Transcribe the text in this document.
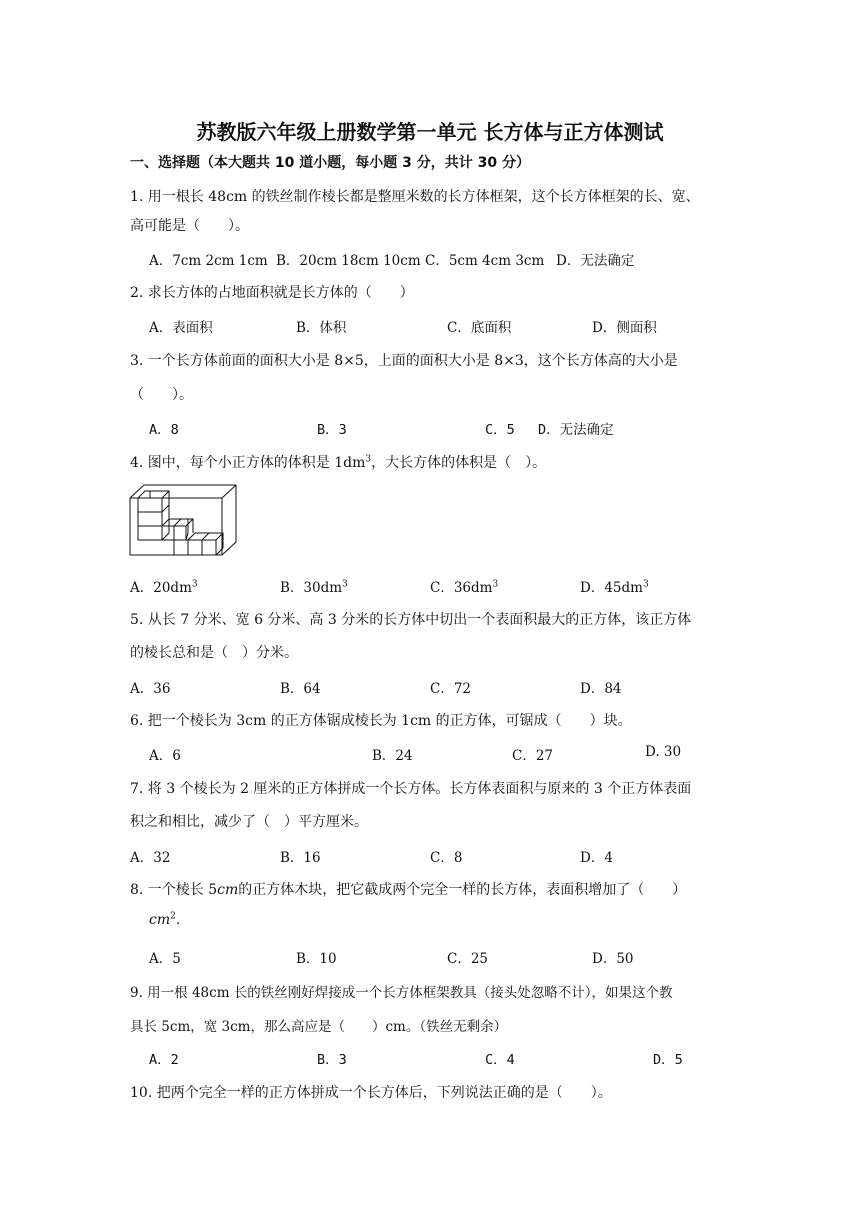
苏教版六年级上册数学第一单元 长方体与正方体测试
一、选择题（本大题共 10 道小题，每小题 3 分，共计 30 分）
1. 用一根长 48cm 的铁丝制作棱长都是整厘米数的长方体框架，这个长方体框架的长、宽、
高可能是（　　）。
A．7cm 2cm 1cm B．20cm 18cm 10cm C．5cm 4cm 3cm D．无法确定
2. 求长方体的占地面积就是长方体的（　　）
A．表面积	B．体积	C．底面积	D．侧面积
3. 一个长方体前面的面积大小是 8×5，上面的面积大小是 8×3，这个长方体高的大小是
（　　）。
A．8	B．3	C．5 D．无法确定
4. 图中，每个小正方体的体积是 $1dm^3$，大长方体的体积是（　）。
A．$20dm^3$	B．$30dm^3$	C．$36dm^3$	D．$45dm^3$
5. 从长 7 分米、宽 6 分米、高 3 分米的长方体中切出一个表面积最大的正方体，该正方体
的棱长总和是（　）分米。
A．36	B．64	C．72	D．84
6. 把一个棱长为 3cm 的正方体锯成棱长为 1cm 的正方体，可锯成（　　）块。
A．6	B．24	C．27	D. 30
7. 将 3 个棱长为 2 厘米的正方体拼成一个长方体。长方体表面积与原来的 3 个正方体表面
积之和相比，减少了（　）平方厘米。
A．32	B．16	C．8	D．4
8. 一个棱长 5cm的正方体木块，把它截成两个完全一样的长方体，表面积增加了（　　）
$cm^2$.
A．5	B．10	C．25	D．50
9. 用一根 48cm 长的铁丝刚好焊接成一个长方体框架教具（接头处忽略不计），如果这个教
具长 5cm，宽 3cm，那么高应是（　　）cm。（铁丝无剩余）
A．2	B．3	C．4	D．5
10. 把两个完全一样的正方体拼成一个长方体后，下列说法正确的是（　　）。
